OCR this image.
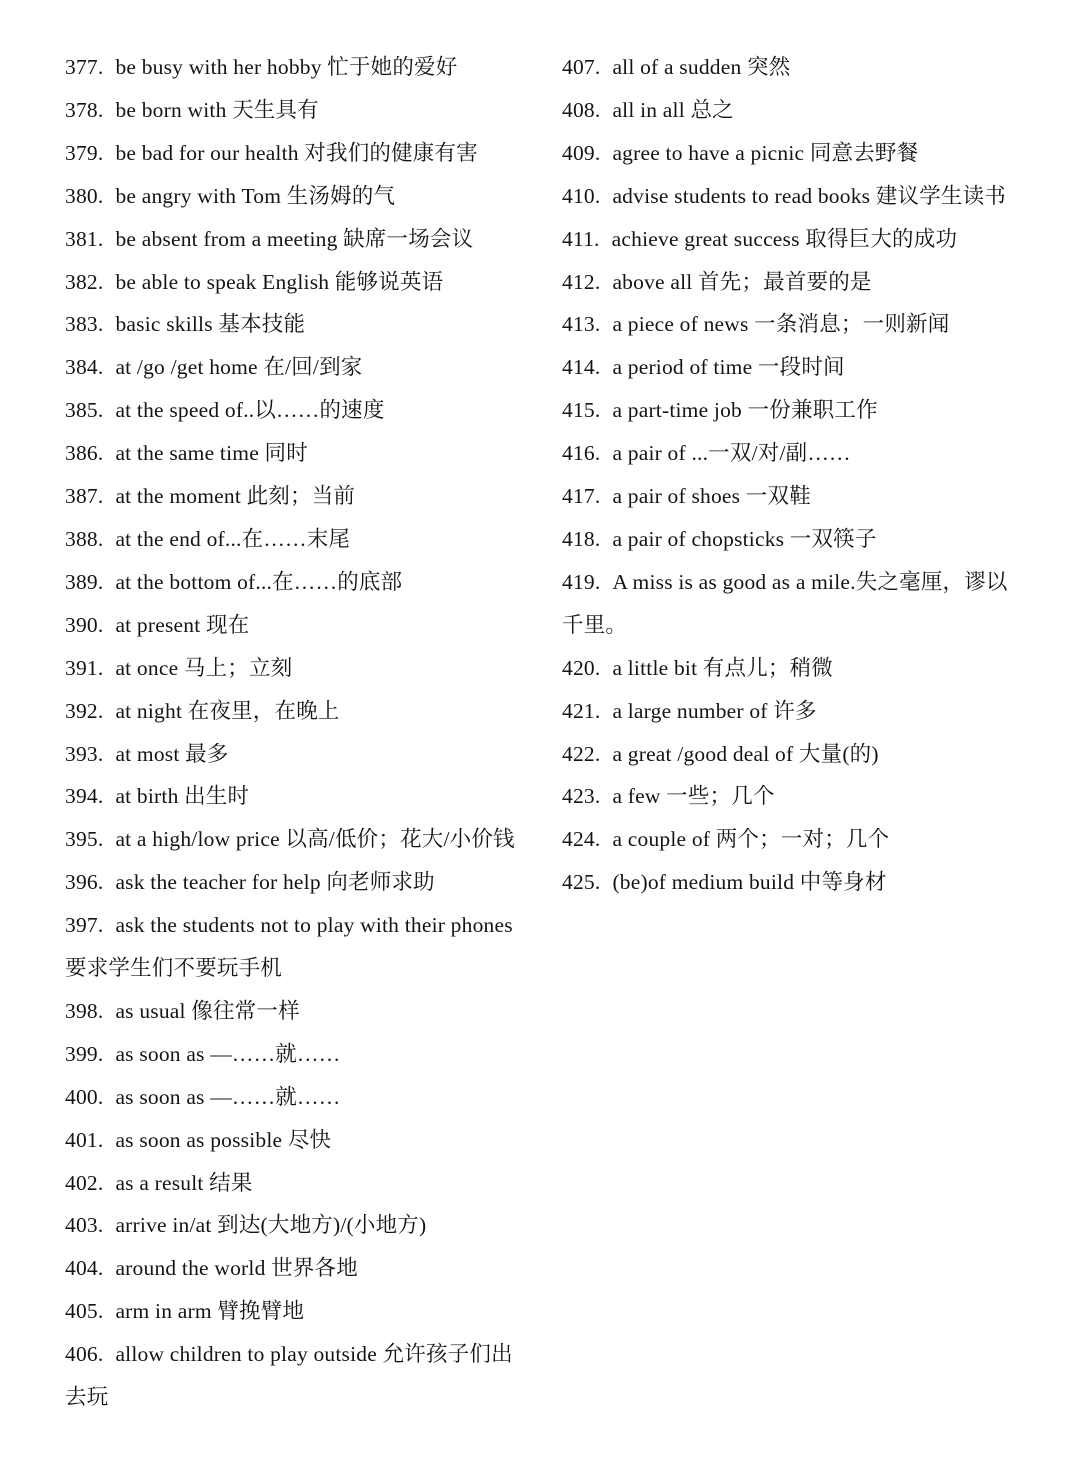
377. be busy with her hobby 忙于她的爱好

378. be born with 天生具有

379. be bad for our health 对我们的健康有害

380. be angry with Tom 生汤姆的气

381. be absent from a meeting 缺席一场会议

382. be able to speak English 能够说英语

383. basic skills 基本技能

384. at /go /get home 在/回/到家

385. at the speed of..以……的速度

386. at the same time 同时

387. at the moment 此刻；当前

388. at the end of...在……末尾

389. at the bottom of...在……的底部

390. at present 现在

391. at once 马上；立刻

392. at night 在夜里，在晚上

393. at most 最多

394. at birth 出生时

395. at a high/low price 以高/低价；花大/小价钱

396. ask the teacher for help 向老师求助

397. ask the students not to play with their phones 要求学生们不要玩手机

398. as usual 像往常一样

399. as soon as —……就……

400. as soon as —……就……

401. as soon as possible 尽快

402. as a result 结果

403. arrive in/at 到达(大地方)/(小地方)

404. around the world 世界各地

405. arm in arm 臂挽臂地

406. allow children to play outside 允许孩子们出去玩

407. all of a sudden 突然

408. all in all 总之

409. agree to have a picnic 同意去野餐

410. advise students to read books 建议学生读书

411. achieve great success 取得巨大的成功

412. above all 首先；最首要的是

413. a piece of news 一条消息；一则新闻

414. a period of time 一段时间

415. a part-time job 一份兼职工作

416. a pair of ...一双/对/副……

417. a pair of shoes 一双鞋

418. a pair of chopsticks 一双筷子

419. A miss is as good as a mile.失之毫厘，谬以千里。

420. a little bit 有点儿；稍微

421. a large number of 许多

422. a great /good deal of 大量(的)

423. a few 一些；几个

424. a couple of 两个；一对；几个

425. (be)of medium build 中等身材
